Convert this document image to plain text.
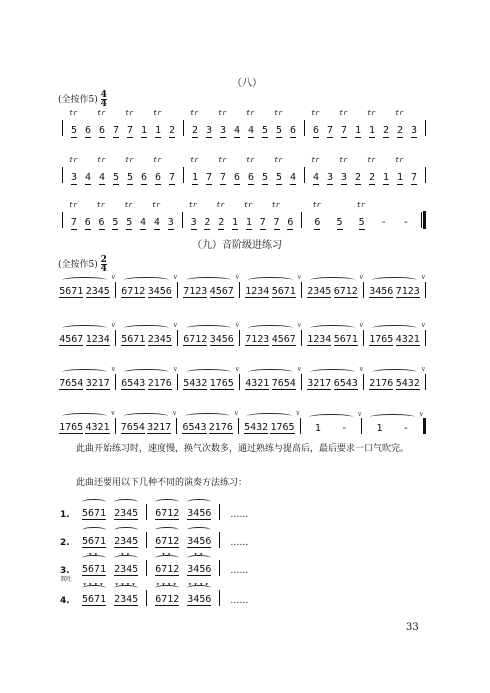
（八）
(全按作$5) \frac{4}{4}$
5
tr
6 6
tr
7 7
tr
1 1
tr
2 2
tr
3 3
tr
4 4
tr
5 5
tr
6 6
tr
7 7
tr
1 1
tr
2 2
tr
3
3
tr
4 4
tr
5 5
tr
6 6
tr
7 1
tr
7 7
tr
6 6
tr
5 5
tr
4 4
tr
3 3
tr
2 2
tr
1 1
tr
7
7
tr
6 6
tr
5 5
tr
4 4
tr
3 3
tr
2 2
tr
1 1
tr
7 7
tr
6 6
tr
5 5
tr
- -
（九）音阶级进练习
(全按作$5) \frac{2}{4}$
5671 2345
v
6712 3456
v
7123 4567
v
1234 5671
v
2345 6712
v
3456 7123
v
4567 1234
v
5671 2345
v
6712 3456
v
7123 4567
v
1234 5671
v
1765 4321
v
7654 3217
v
6543 2176
v
5432 1765
v
4321 7654
v
3217 6543
v
2176 5432
v
1765 4321
v
7654 3217
v
6543 2176
v
5432 1765
v
1 -
v
1 -
v
此曲开始练习时，速度慢，换气次数多，通过熟练与提高后，最后要求一口气吹完。
此曲还要用以下几种不同的演奏方法练习：
1.	5671 2345 6712 3456 ……
2.	5671 2345 6712 3456 ……
3.	5671
▾▾
2345
▾▾
6712
▾▾
3456
▾▾
……
4.	5671
▾▾▾▾
2345
▾▾▾▾
6712
▾▾▾▾
3456
▾▾▾▾
……
双吐
33
